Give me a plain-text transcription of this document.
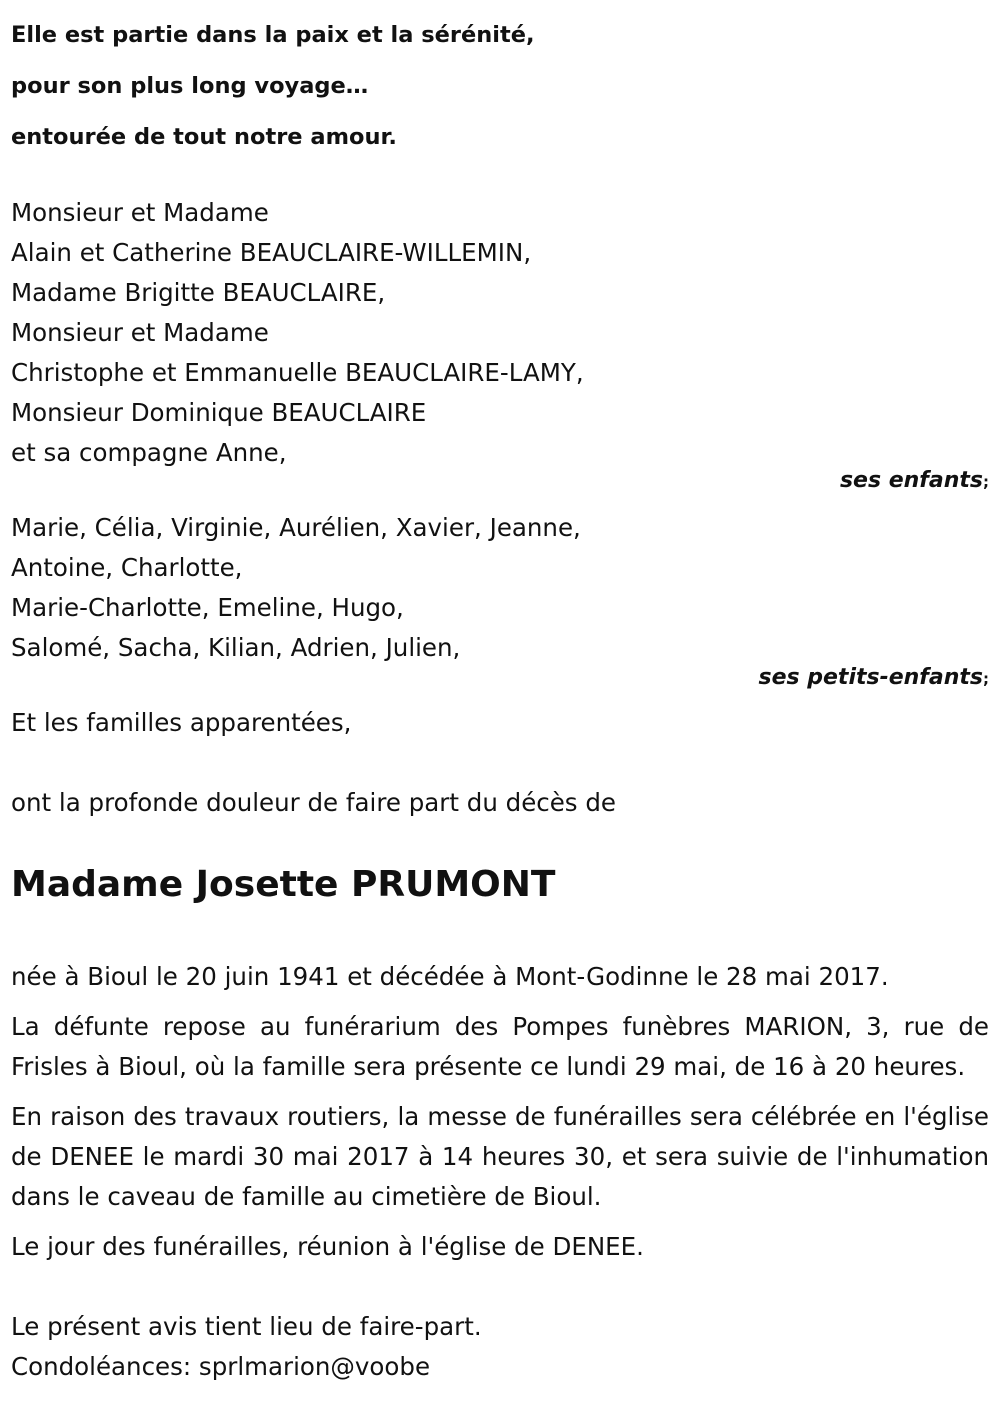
Elle est partie dans la paix et la sérénité,
pour son plus long voyage…
entourée de tout notre amour.
Monsieur et Madame
Alain et Catherine BEAUCLAIRE-WILLEMIN,
Madame Brigitte BEAUCLAIRE,
Monsieur et Madame
Christophe et Emmanuelle BEAUCLAIRE-LAMY,
Monsieur Dominique BEAUCLAIRE
et sa compagne Anne,
ses enfants;
Marie, Célia, Virginie, Aurélien, Xavier, Jeanne,
Antoine, Charlotte,
Marie-Charlotte, Emeline, Hugo,
Salomé, Sacha, Kilian, Adrien, Julien,
ses petits-enfants;
Et les familles apparentées,
ont la profonde douleur de faire part du décès de
Madame Josette PRUMONT

née à Bioul le 20 juin 1941 et décédée à Mont-Godinne le 28 mai 2017.

La défunte repose au funérarium des Pompes funèbres MARION, 3, rue de Frisles à Bioul, où la famille sera présente ce lundi 29 mai, de 16 à 20 heures.

En raison des travaux routiers, la messe de funérailles sera célébrée en l'église de DENEE le mardi 30 mai 2017 à 14 heures 30, et sera suivie de l'inhumation dans le caveau de famille au cimetière de Bioul.

Le jour des funérailles, réunion à l'église de DENEE.

Le présent avis tient lieu de faire-part.
Condoléances: sprlmarion@voobe
